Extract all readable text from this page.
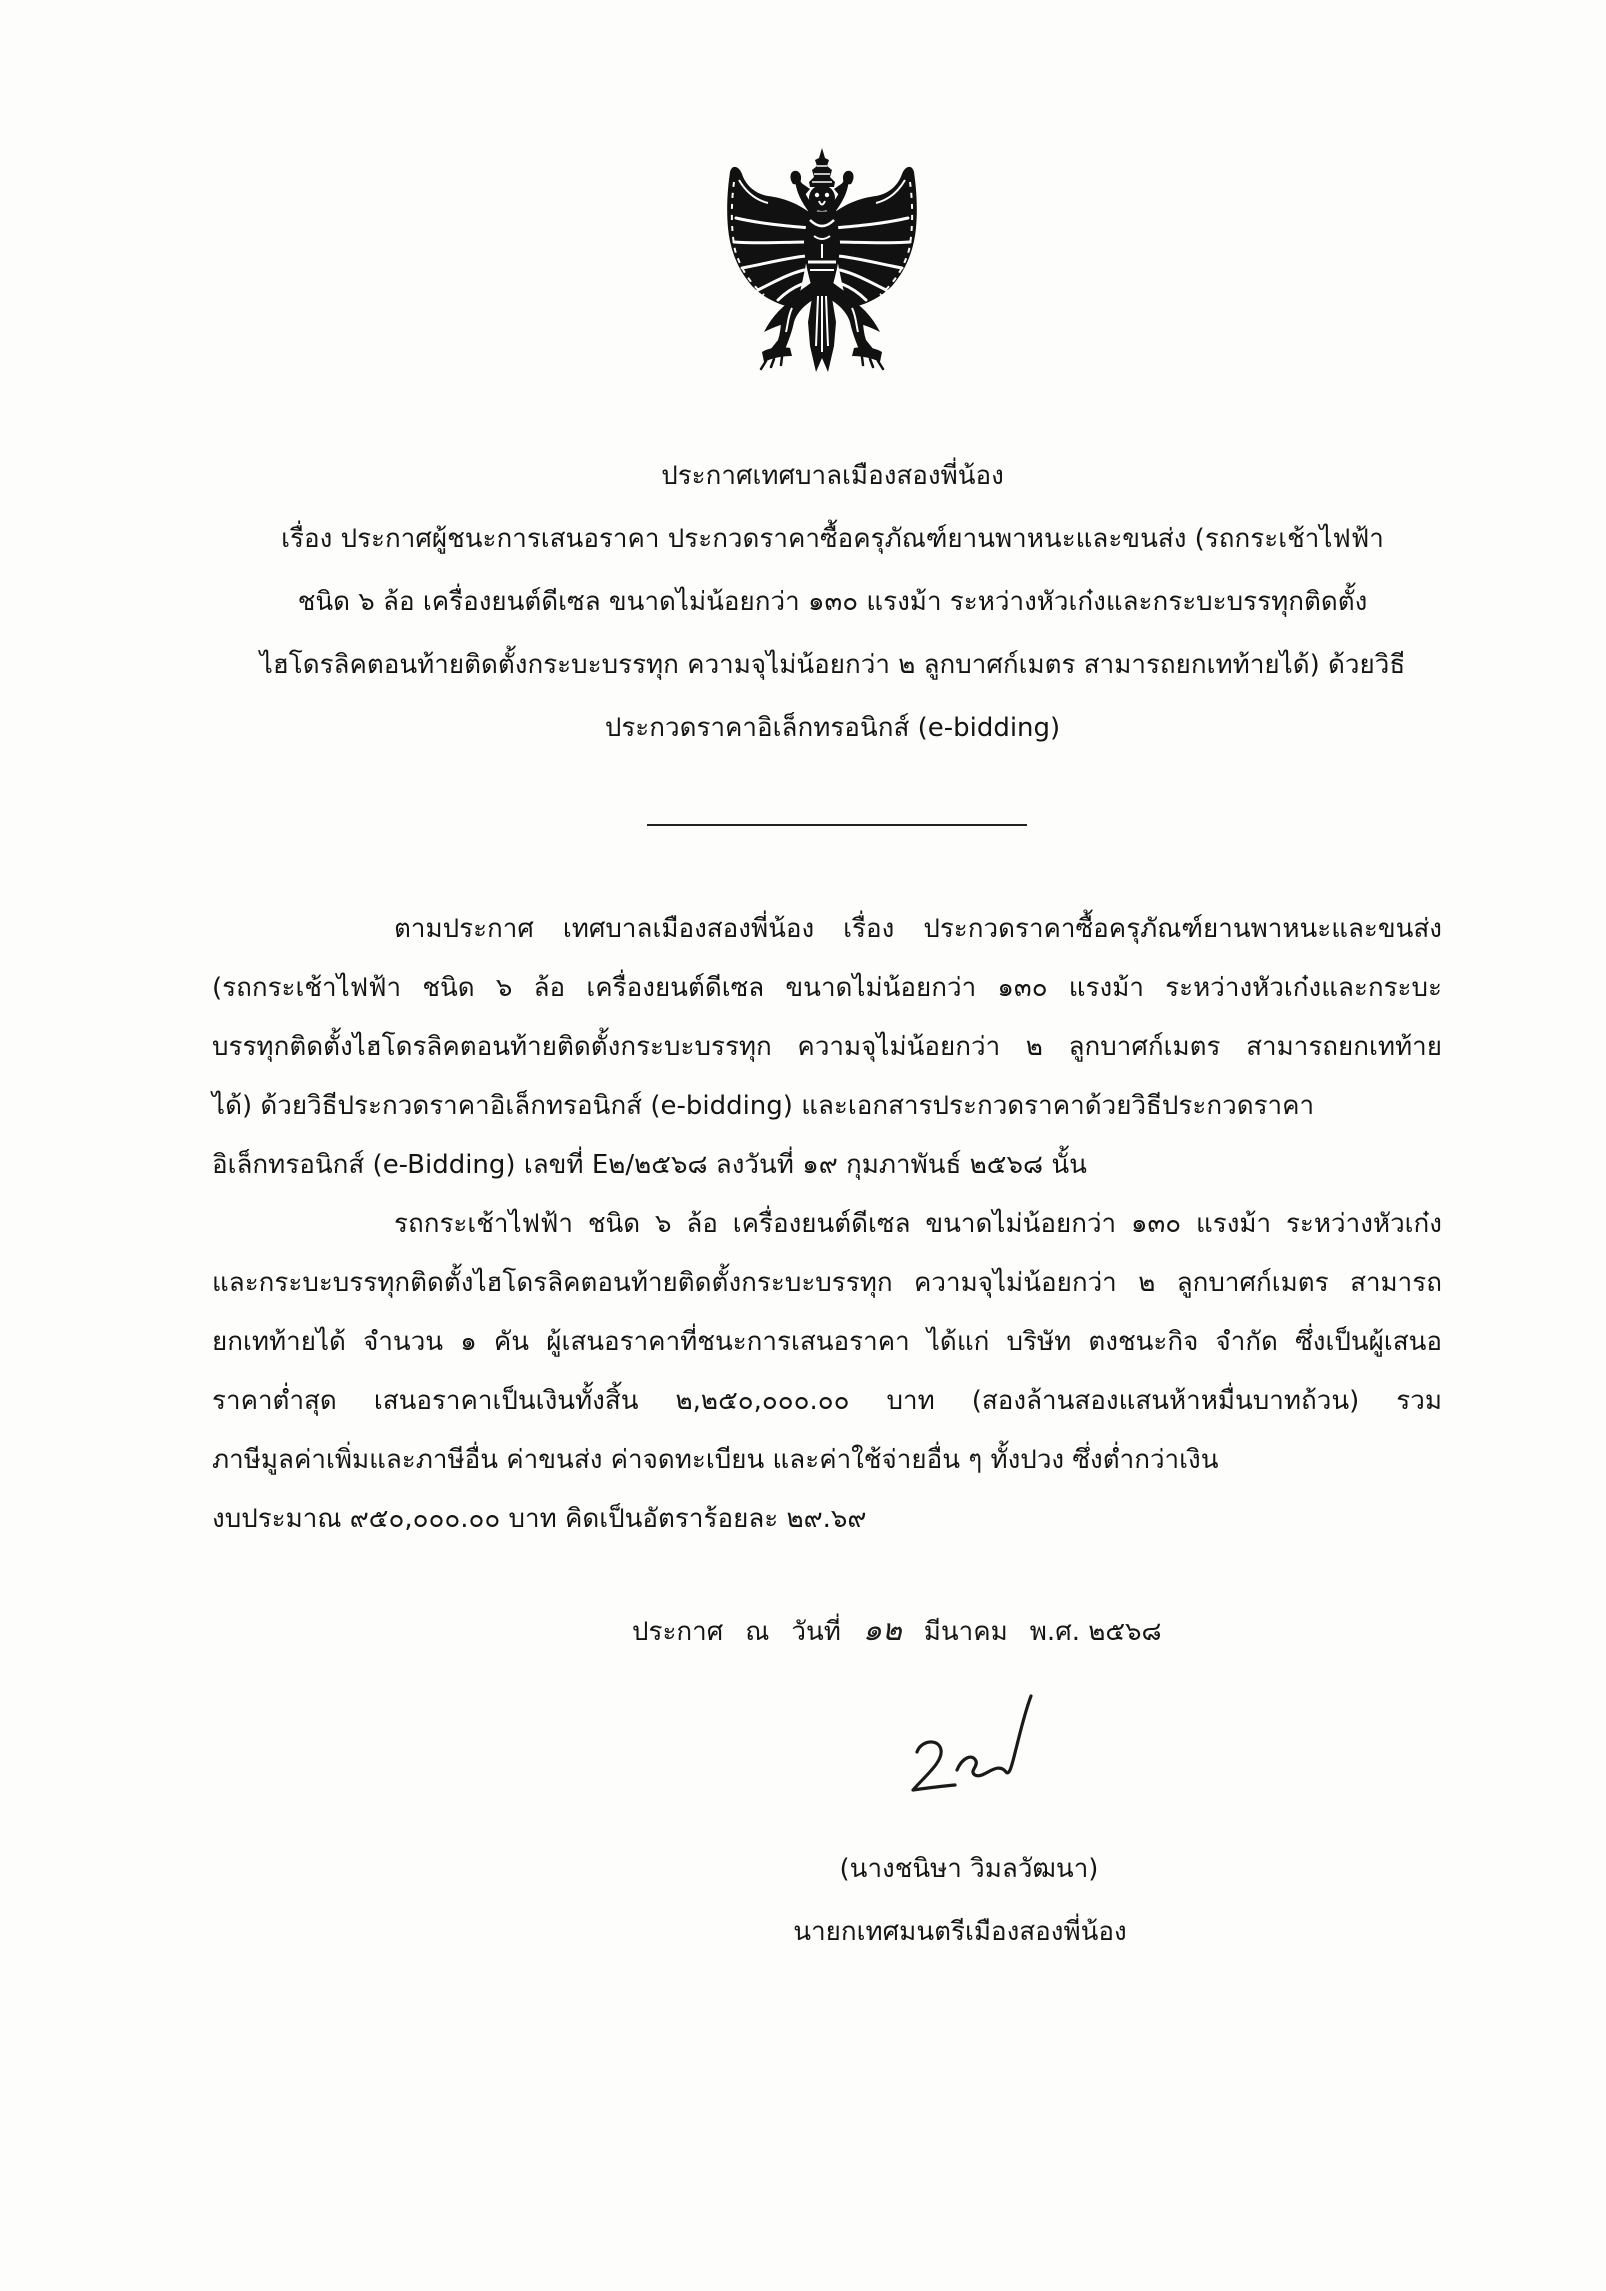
ประกาศเทศบาลเมืองสองพี่น้อง
เรื่อง ประกาศผู้ชนะการเสนอราคา ประกวดราคาซื้อครุภัณฑ์ยานพาหนะและขนส่ง (รถกระเช้าไฟฟ้า
ชนิด ๖ ล้อ เครื่องยนต์ดีเซล ขนาดไม่น้อยกว่า ๑๓๐ แรงม้า ระหว่างหัวเก๋งและกระบะบรรทุกติดตั้ง
ไฮโดรลิคตอนท้ายติดตั้งกระบะบรรทุก ความจุไม่น้อยกว่า ๒ ลูกบาศก์เมตร สามารถยกเทท้ายได้) ด้วยวิธี
ประกวดราคาอิเล็กทรอนิกส์ (e-bidding)
ตามประกาศ เทศบาลเมืองสองพี่น้อง เรื่อง ประกวดราคาซื้อครุภัณฑ์ยานพาหนะและขนส่ง
(รถกระเช้าไฟฟ้า ชนิด ๖ ล้อ เครื่องยนต์ดีเซล ขนาดไม่น้อยกว่า ๑๓๐ แรงม้า ระหว่างหัวเก๋งและกระบะ
บรรทุกติดตั้งไฮโดรลิคตอนท้ายติดตั้งกระบะบรรทุก ความจุไม่น้อยกว่า ๒ ลูกบาศก์เมตร สามารถยกเทท้าย
ได้) ด้วยวิธีประกวดราคาอิเล็กทรอนิกส์ (e-bidding) และเอกสารประกวดราคาด้วยวิธีประกวดราคา
อิเล็กทรอนิกส์ (e-Bidding) เลขที่ E๒/๒๕๖๘ ลงวันที่ ๑๙ กุมภาพันธ์ ๒๕๖๘ นั้น
รถกระเช้าไฟฟ้า ชนิด ๖ ล้อ เครื่องยนต์ดีเซล ขนาดไม่น้อยกว่า ๑๓๐ แรงม้า ระหว่างหัวเก๋ง
และกระบะบรรทุกติดตั้งไฮโดรลิคตอนท้ายติดตั้งกระบะบรรทุก ความจุไม่น้อยกว่า ๒ ลูกบาศก์เมตร สามารถ
ยกเทท้ายได้ จำนวน ๑ คัน ผู้เสนอราคาที่ชนะการเสนอราคา ได้แก่ บริษัท ตงชนะกิจ จำกัด ซึ่งเป็นผู้เสนอ
ราคาต่ำสุด เสนอราคาเป็นเงินทั้งสิ้น ๒,๒๕๐,๐๐๐.๐๐ บาท (สองล้านสองแสนห้าหมื่นบาทถ้วน) รวม
ภาษีมูลค่าเพิ่มและภาษีอื่น ค่าขนส่ง ค่าจดทะเบียน และค่าใช้จ่ายอื่น ๆ ทั้งปวง ซึ่งต่ำกว่าเงิน
งบประมาณ ๙๕๐,๐๐๐.๐๐ บาท คิดเป็นอัตราร้อยละ ๒๙.๖๙
ประกาศ ณ วันที่ ๑๒ มีนาคม พ.ศ. ๒๕๖๘
(นางชนิษา วิมลวัฒนา)
นายกเทศมนตรีเมืองสองพี่น้อง
